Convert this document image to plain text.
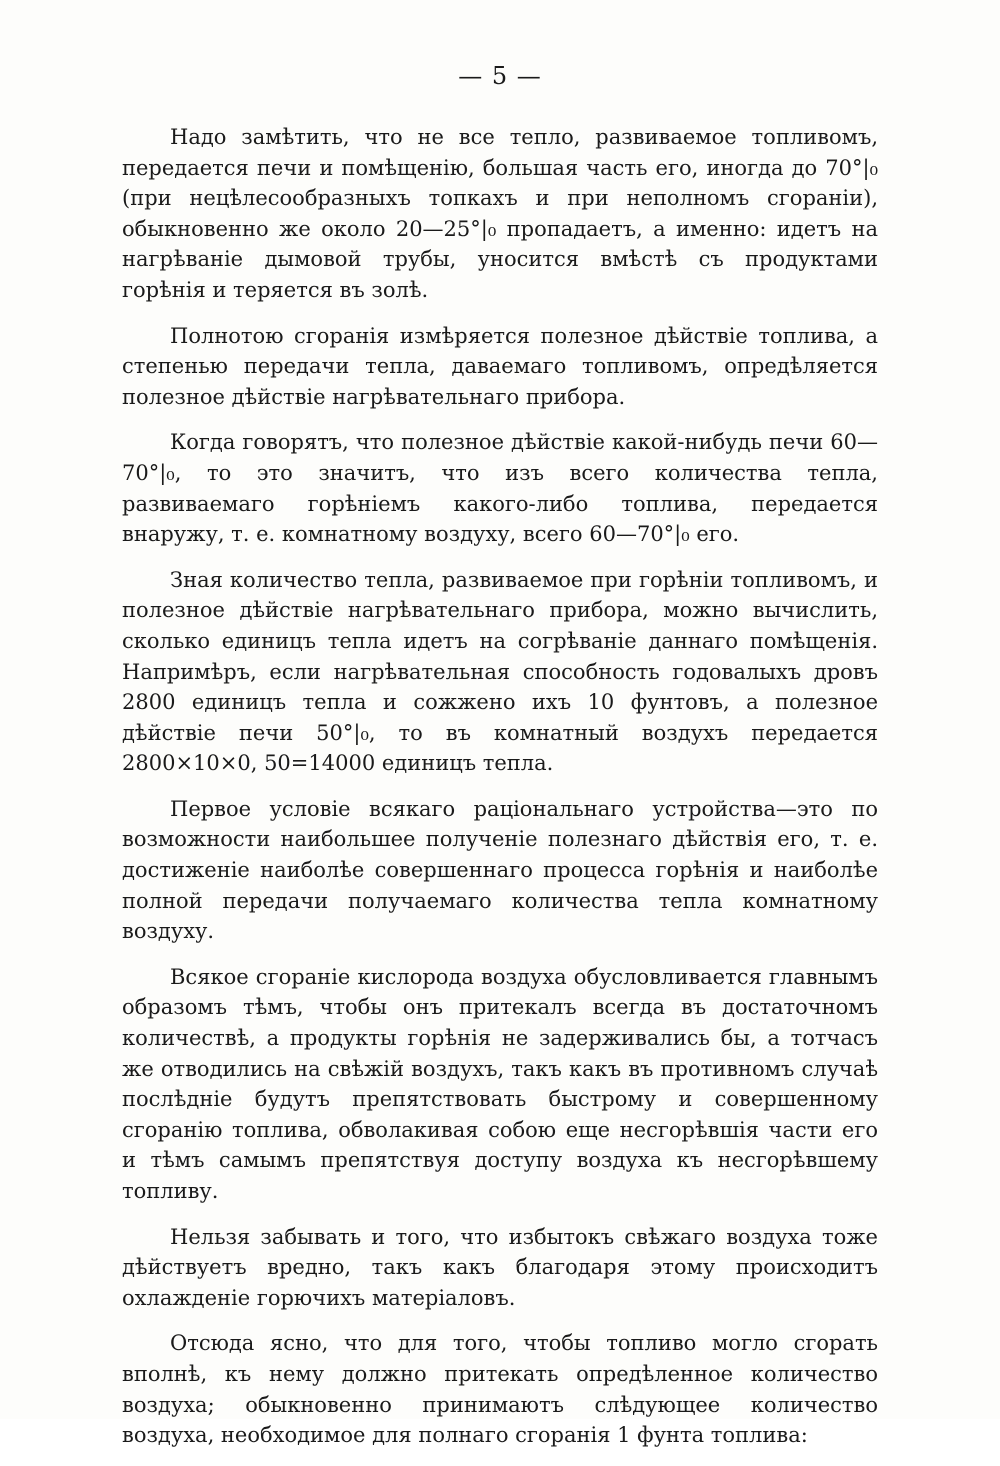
— 5 —

Надо замѣтить, что не все тепло, развиваемое топливомъ, передается печи и помѣщенію, большая часть его, иногда до 70°|₀ (при нецѣлесообразныхъ топкахъ и при неполномъ сгораніи), обыкновенно же около 20—25°|₀ пропадаетъ, а именно: идетъ на нагрѣваніе дымовой трубы, уносится вмѣстѣ съ продуктами горѣнія и теряется въ золѣ.

Полнотою сгоранія измѣряется полезное дѣйствіе топлива, а степенью передачи тепла, даваемаго топливомъ, опредѣляется полезное дѣйствіе нагрѣвательнаго прибора.

Когда говорятъ, что полезное дѣйствіе какой-нибудь печи 60—70°|₀, то это значитъ, что изъ всего количества тепла, развиваемаго горѣніемъ какого-либо топлива, передается внаружу, т. е. комнатному воздуху, всего 60—70°|₀ его.

Зная количество тепла, развиваемое при горѣніи топливомъ, и полезное дѣйствіе нагрѣвательнаго прибора, можно вычислить, сколько единицъ тепла идетъ на согрѣваніе даннаго помѣщенія. Напримѣръ, если нагрѣвательная способность годовалыхъ дровъ 2800 единицъ тепла и сожжено ихъ 10 фунтовъ, а полезное дѣйствіе печи 50°|₀, то въ комнатный воздухъ передается 2800×10×0, 50=14000 единицъ тепла.

Первое условіе всякаго раціональнаго устройства—это по возможности наибольшее полученіе полезнаго дѣйствія его, т. е. достиженіе наиболѣе совершеннаго процесса горѣнія и наиболѣе полной передачи получаемаго количества тепла комнатному воздуху.

Всякое сгораніе кислорода воздуха обусловливается главнымъ образомъ тѣмъ, чтобы онъ притекалъ всегда въ достаточномъ количествѣ, а продукты горѣнія не задерживались бы, а тотчасъ же отводились на свѣжій воздухъ, такъ какъ въ противномъ случаѣ послѣдніе будутъ препятствовать быстрому и совершенному сгоранію топлива, обволакивая собою еще несгорѣвшія части его и тѣмъ самымъ препятствуя доступу воздуха къ несгорѣвшему топливу.

Нельзя забывать и того, что избытокъ свѣжаго воздуха тоже дѣйствуетъ вредно, такъ какъ благодаря этому происходитъ охлажденіе горючихъ матеріаловъ.

Отсюда ясно, что для того, чтобы топливо могло сгорать вполнѣ, къ нему должно притекать опредѣленное количество воздуха; обыкновенно принимаютъ слѣдующее количество воздуха, необходимое для полнаго сгоранія 1 фунта топлива:
